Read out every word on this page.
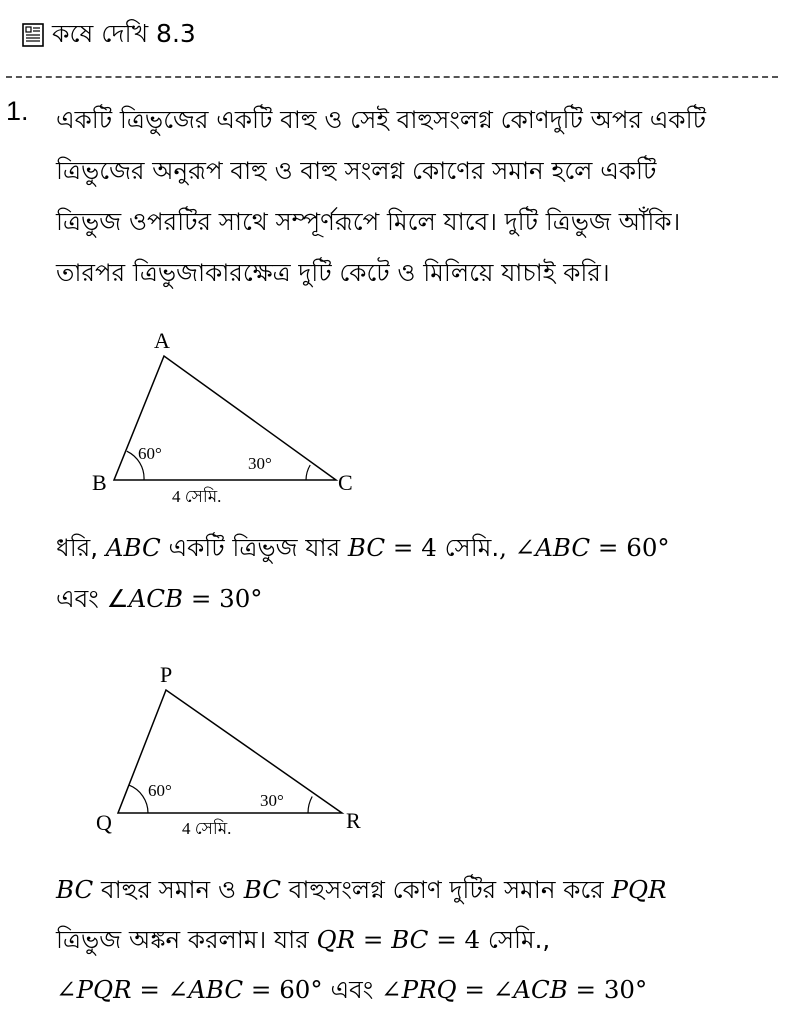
কষে দেখি 8.3
1. একটি ত্রিভুজের একটি বাহু ও সেই বাহুসংলগ্ন কোণদুটি অপর একটি
ত্রিভুজের অনুরূপ বাহু ও বাহু সংলগ্ন কোণের সমান হলে একটি
ত্রিভুজ ওপরটির সাথে সম্পূর্ণরূপে মিলে যাবে। দুটি ত্রিভুজ আঁকি।
তারপর ত্রিভুজাকারক্ষেত্র দুটি কেটে ও মিলিয়ে যাচাই করি।
A
B	C
60°
30°
4 সেমি.
ধরি, ABC একটি ত্রিভুজ যার BC = 4 সেমি., ∠ABC = 60°
এবং ∠ACB = 30°
P
Q	R
60°
30°
4 সেমি.
BC বাহুর সমান ও BC বাহুসংলগ্ন কোণ দুটির সমান করে PQR
ত্রিভুজ অঙ্কন করলাম। যার QR = BC = 4 সেমি.,
∠PQR = ∠ABC = 60° এবং ∠PRQ = ∠ACB = 30°
